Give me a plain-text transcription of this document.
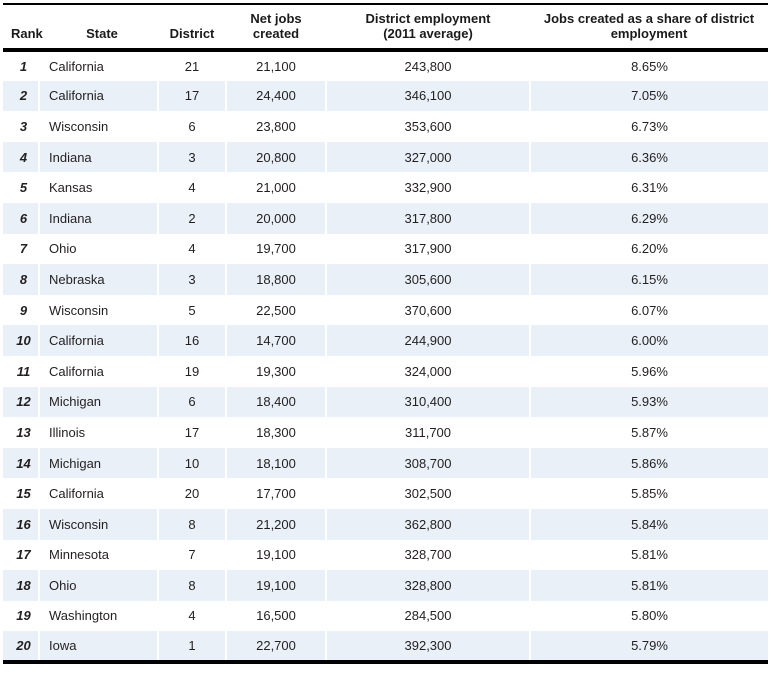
Rank	State	District	Net jobs created	District employment (2011 average)	Jobs created as a share of district employment
1	California	21	21,100	243,800	8.65%
2	California	17	24,400	346,100	7.05%
3	Wisconsin	6	23,800	353,600	6.73%
4	Indiana	3	20,800	327,000	6.36%
5	Kansas	4	21,000	332,900	6.31%
6	Indiana	2	20,000	317,800	6.29%
7	Ohio	4	19,700	317,900	6.20%
8	Nebraska	3	18,800	305,600	6.15%
9	Wisconsin	5	22,500	370,600	6.07%
10	California	16	14,700	244,900	6.00%
11	California	19	19,300	324,000	5.96%
12	Michigan	6	18,400	310,400	5.93%
13	Illinois	17	18,300	311,700	5.87%
14	Michigan	10	18,100	308,700	5.86%
15	California	20	17,700	302,500	5.85%
16	Wisconsin	8	21,200	362,800	5.84%
17	Minnesota	7	19,100	328,700	5.81%
18	Ohio	8	19,100	328,800	5.81%
19	Washington	4	16,500	284,500	5.80%
20	Iowa	1	22,700	392,300	5.79%
